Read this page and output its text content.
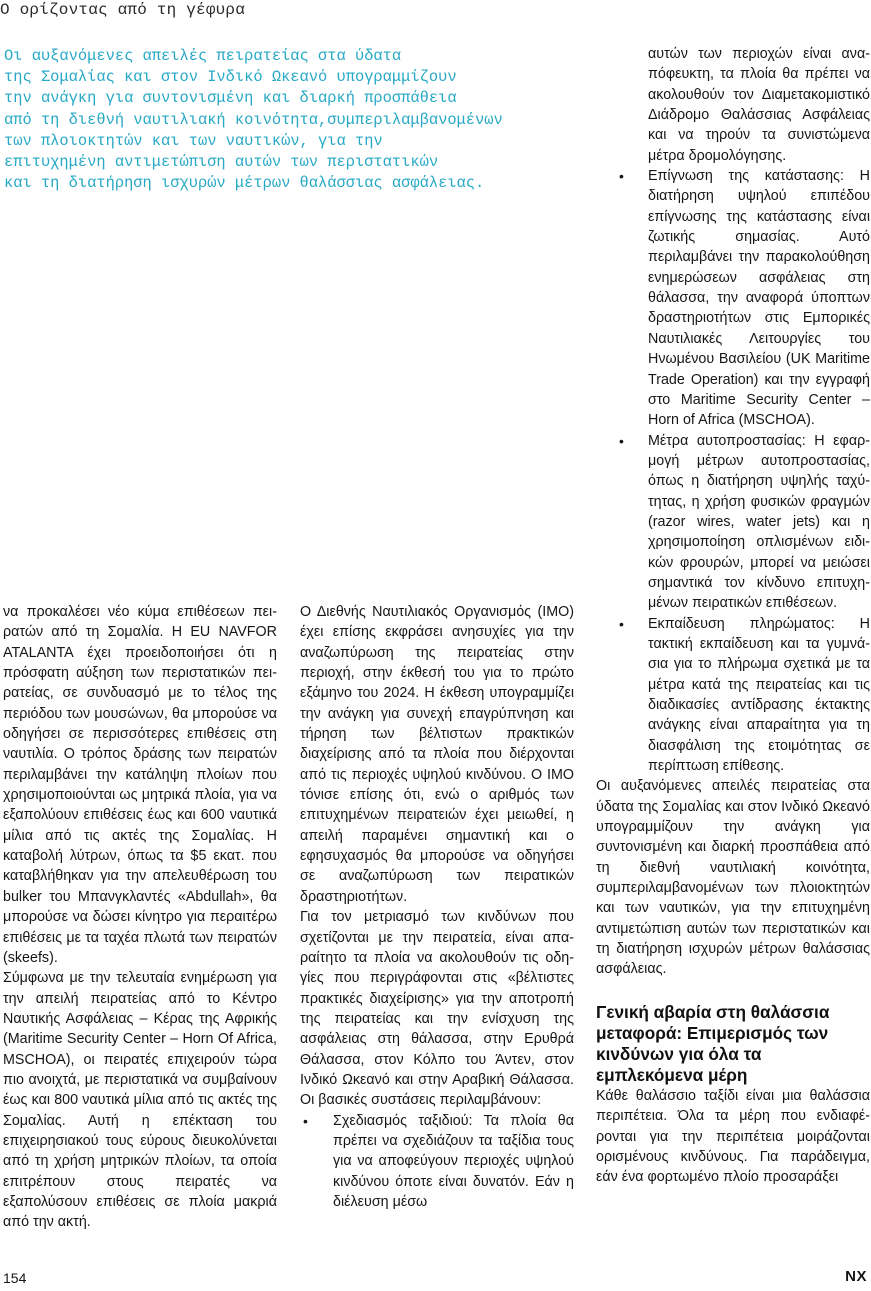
Ο ορίζοντας από τη γέφυρα
Οι αυξανόμενες απειλές πειρατείας στα ύδατα
της Σομαλίας και στον Ινδικό Ωκεανό υπογραμμίζουν
την ανάγκη για συντονισμένη και διαρκή προσπάθεια
από τη διεθνή ναυτιλιακή κοινότητα,συμπεριλαμβανομένων
των πλοιοκτητών και των ναυτικών, για την
επιτυχημένη αντιμετώπιση αυτών των περιστατικών
και τη διατήρηση ισχυρών μέτρων θαλάσσιας ασφάλειας.

να προκαλέσει νέο κύμα επιθέσεων πειρατών από τη Σομαλία. Η EU NAVFOR ATALANTA έχει προειδοποιήσει ότι η πρόσφατη αύξηση των περιστατικών πειρατείας, σε συνδυασμό με το τέλος της περιόδου των μουσώνων, θα μπορούσε να οδηγήσει σε περισσότερες επιθέσεις στη ναυτιλία. Ο τρόπος δράσης των πειρατών περιλαμβάνει την κατάληψη πλοίων που χρησιμοποιούνται ως μητρικά πλοία, για να εξαπολύουν επιθέσεις έως και 600 ναυτικά μίλια από τις ακτές της Σομαλίας. Η καταβολή λύτρων, όπως τα $5 εκατ. που καταβλήθηκαν για την απελευθέρωση του bulker του Μπανγκλαντές «Abdullah», θα μπορούσε να δώσει κίνητρο για περαιτέρω επιθέσεις με τα ταχέα πλωτά των πειρατών (skeefs).

Σύμφωνα με την τελευταία ενημέρωση για την απειλή πειρατείας από το Κέντρο Ναυτικής Ασφάλειας – Κέρας της Αφρικής (Maritime Security Center – Horn Of Africa, MSCHOA), οι πειρατές επιχειρούν τώρα πιο ανοιχτά, με περιστατικά να συμβαίνουν έως και 800 ναυτικά μίλια από τις ακτές της Σομαλίας. Αυτή η επέκταση του επιχειρησιακού τους εύρους διευκολύνεται από τη χρήση μητρικών πλοίων, τα οποία επιτρέπουν στους πειρατές να εξαπολύσουν επιθέσεις σε πλοία μακριά από την ακτή.

Ο Διεθνής Ναυτιλιακός Οργανισμός (IMO) έχει επίσης εκφράσει ανησυχίες για την αναζωπύρωση της πειρατείας στην περιοχή, στην έκθεσή του για το πρώτο εξάμηνο του 2024. Η έκθεση υπογραμμίζει την ανάγκη για συνεχή επαγρύπνηση και τήρηση των βέλτιστων πρακτικών διαχείρισης από τα πλοία που διέρχονται από τις περιοχές υψηλού κινδύνου. Ο IMO τόνισε επίσης ότι, ενώ ο αριθμός των επιτυχημένων πειρατειών έχει μειωθεί, η απειλή παραμένει σημαντική και ο εφησυχασμός θα μπορούσε να οδηγήσει σε αναζωπύρωση των πειρατικών δραστηριοτήτων.

Για τον μετριασμό των κινδύνων που σχετίζονται με την πειρατεία, είναι απαραίτητο τα πλοία να ακολουθούν τις οδηγίες που περιγράφονται στις «βέλτιστες πρακτικές διαχείρισης» για την αποτροπή της πειρατείας και την ενίσχυση της ασφάλειας στη θάλασσα, στην Ερυθρά Θάλασσα, στον Κόλπο του Άντεν, στον Ινδικό Ωκεανό και στην Αραβική Θάλασσα. Οι βασικές συστάσεις περιλαμβάνουν:

• Σχεδιασμός ταξιδιού: Τα πλοία θα πρέπει να σχεδιάζουν τα ταξίδια τους για να αποφεύγουν περιοχές υψηλού κινδύνου όποτε είναι δυνατόν. Εάν η διέλευση μέσω

αυτών των περιοχών είναι αναπόφευκτη, τα πλοία θα πρέπει να ακολουθούν τον Διαμετακομιστικό Διάδρομο Θαλάσσιας Ασφάλειας και να τηρούν τα συνιστώμενα μέτρα δρομολόγησης.

• Επίγνωση της κατάστασης: Η διατήρηση υψηλού επιπέδου επίγνωσης της κατάστασης είναι ζωτικής σημασίας. Αυτό περιλαμβάνει την παρακολούθηση ενημερώσεων ασφάλειας στη θάλασσα, την αναφορά ύποπτων δραστηριοτήτων στις Εμπορικές Ναυτιλιακές Λειτουργίες του Ηνωμένου Βασιλείου (UK Maritime Trade Operation) και την εγγραφή στο Maritime Security Center – Horn of Africa (MSCHOA).
• Μέτρα αυτοπροστασίας: Η εφαρμογή μέτρων αυτοπροστασίας, όπως η διατήρηση υψηλής ταχύτητας, η χρήση φυσικών φραγμών (razor wires, water jets) και η χρησιμοποίηση οπλισμένων ειδικών φρουρών, μπορεί να μειώσει σημαντικά τον κίνδυνο επιτυχημένων πειρατικών επιθέσεων.
• Εκπαίδευση πληρώματος: Η τακτική εκπαίδευση και τα γυμνάσια για το πλήρωμα σχετικά με τα μέτρα κατά της πειρατείας και τις διαδικασίες αντίδρασης έκτακτης ανάγκης είναι απαραίτητα για τη διασφάλιση της ετοιμότητας σε περίπτωση επίθεσης.

Οι αυξανόμενες απειλές πειρατείας στα ύδατα της Σομαλίας και στον Ινδικό Ωκεανό υπογραμμίζουν την ανάγκη για συντονισμένη και διαρκή προσπάθεια από τη διεθνή ναυτιλιακή κοινότητα, συμπεριλαμβανομένων των πλοιοκτητών και των ναυτικών, για την επιτυχημένη αντιμετώπιση αυτών των περιστατικών και τη διατήρηση ισχυρών μέτρων θαλάσσιας ασφάλειας.

Γενική αβαρία στη θαλάσσια μεταφορά: Επιμερισμός των κινδύνων για όλα τα εμπλεκόμενα μέρη

Κάθε θαλάσσιο ταξίδι είναι μια θαλάσσια περιπέτεια. Όλα τα μέρη που ενδιαφέρονται για την περιπέτεια μοιράζονται ορισμένους κινδύνους. Για παράδειγμα, εάν ένα φορτωμένο πλοίο προσαράξει

154	NX
